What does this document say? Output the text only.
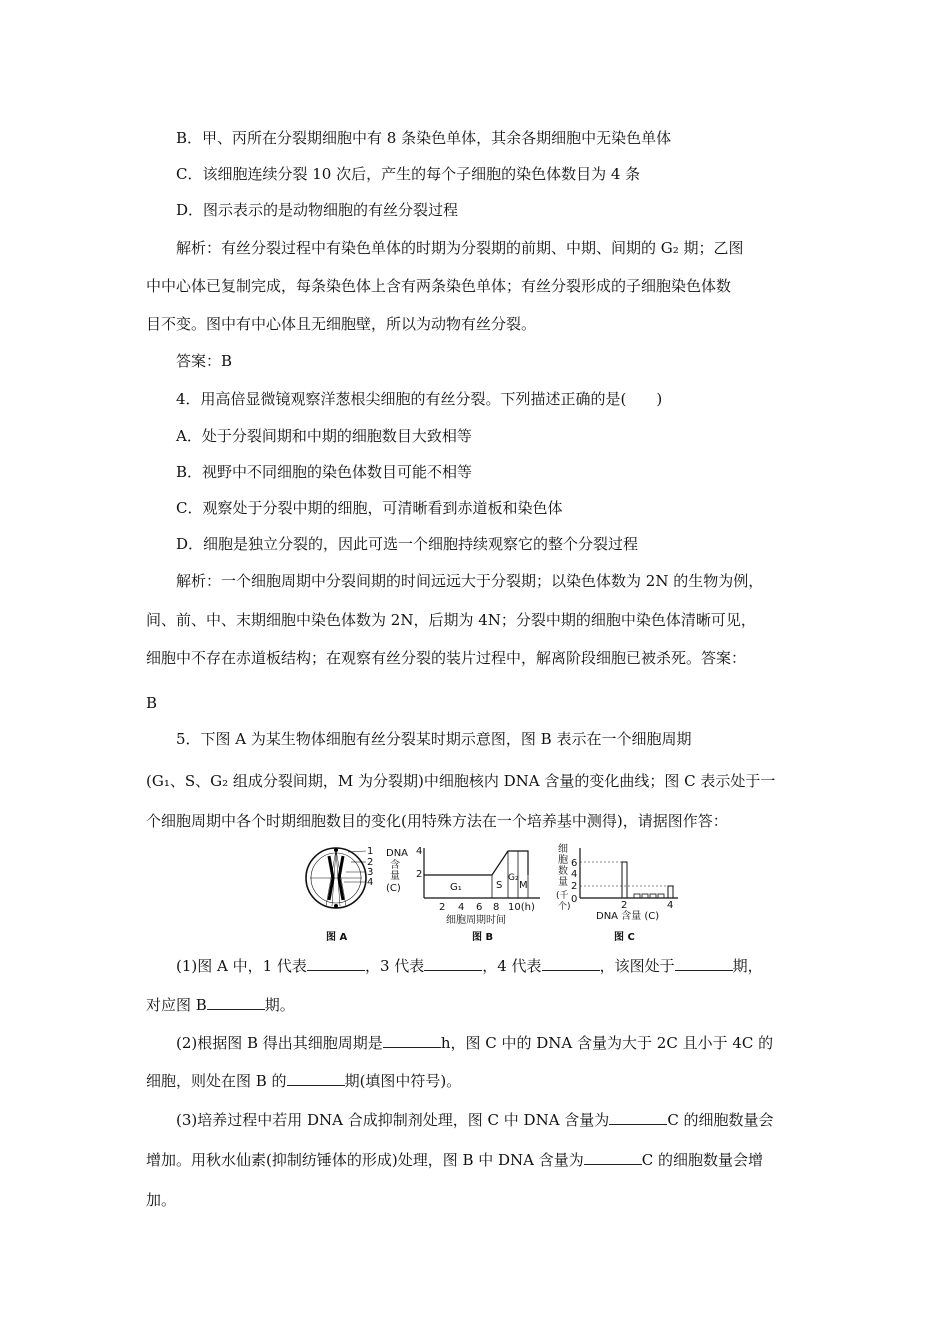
B．甲、丙所在分裂期细胞中有 8 条染色单体，其余各期细胞中无染色单体
C．该细胞连续分裂 10 次后，产生的每个子细胞的染色体数目为 4 条
D．图示表示的是动物细胞的有丝分裂过程
解析：有丝分裂过程中有染色单体的时期为分裂期的前期、中期、间期的 G₂ 期；乙图
中中心体已复制完成，每条染色体上含有两条染色单体；有丝分裂形成的子细胞染色体数
目不变。图中有中心体且无细胞壁，所以为动物有丝分裂。
答案：B
4．用高倍显微镜观察洋葱根尖细胞的有丝分裂。下列描述正确的是(　　)
A．处于分裂间期和中期的细胞数目大致相等
B．视野中不同细胞的染色体数目可能不相等
C．观察处于分裂中期的细胞，可清晰看到赤道板和染色体
D．细胞是独立分裂的，因此可选一个细胞持续观察它的整个分裂过程
解析：一个细胞周期中分裂间期的时间远远大于分裂期；以染色体数为 2N 的生物为例，
间、前、中、末期细胞中染色体数为 2N，后期为 4N；分裂中期的细胞中染色体清晰可见，
细胞中不存在赤道板结构；在观察有丝分裂的装片过程中，解离阶段细胞已被杀死。答案：
B
5．下图 A 为某生物体细胞有丝分裂某时期示意图，图 B 表示在一个细胞周期
(G₁、S、G₂ 组成分裂间期，M 为分裂期)中细胞核内 DNA 含量的变化曲线；图 C 表示处于一
个细胞周期中各个时期细胞数目的变化(用特殊方法在一个培养基中测得)，请据图作答：
1
2
3
4
图 A
DNA
含
量
(C)
4
2
G₁	S
G₂
M
2 4 6 8 10(h)
细胞周期时间
图 B
细
胞
数
量
(千
个)
6
4
2
0
2	4
DNA 含量 (C)
图 C
(1)图 A 中，1 代表	，3 代表	，4 代表	，该图处于	期，
对应图 B	期。
(2)根据图 B 得出其细胞周期是	h，图 C 中的 DNA 含量为大于 2C 且小于 4C 的
细胞，则处在图 B 的	期(填图中符号)。
(3)培养过程中若用 DNA 合成抑制剂处理，图 C 中 DNA 含量为	C 的细胞数量会
增加。用秋水仙素(抑制纺锤体的形成)处理，图 B 中 DNA 含量为	C 的细胞数量会增
加。
